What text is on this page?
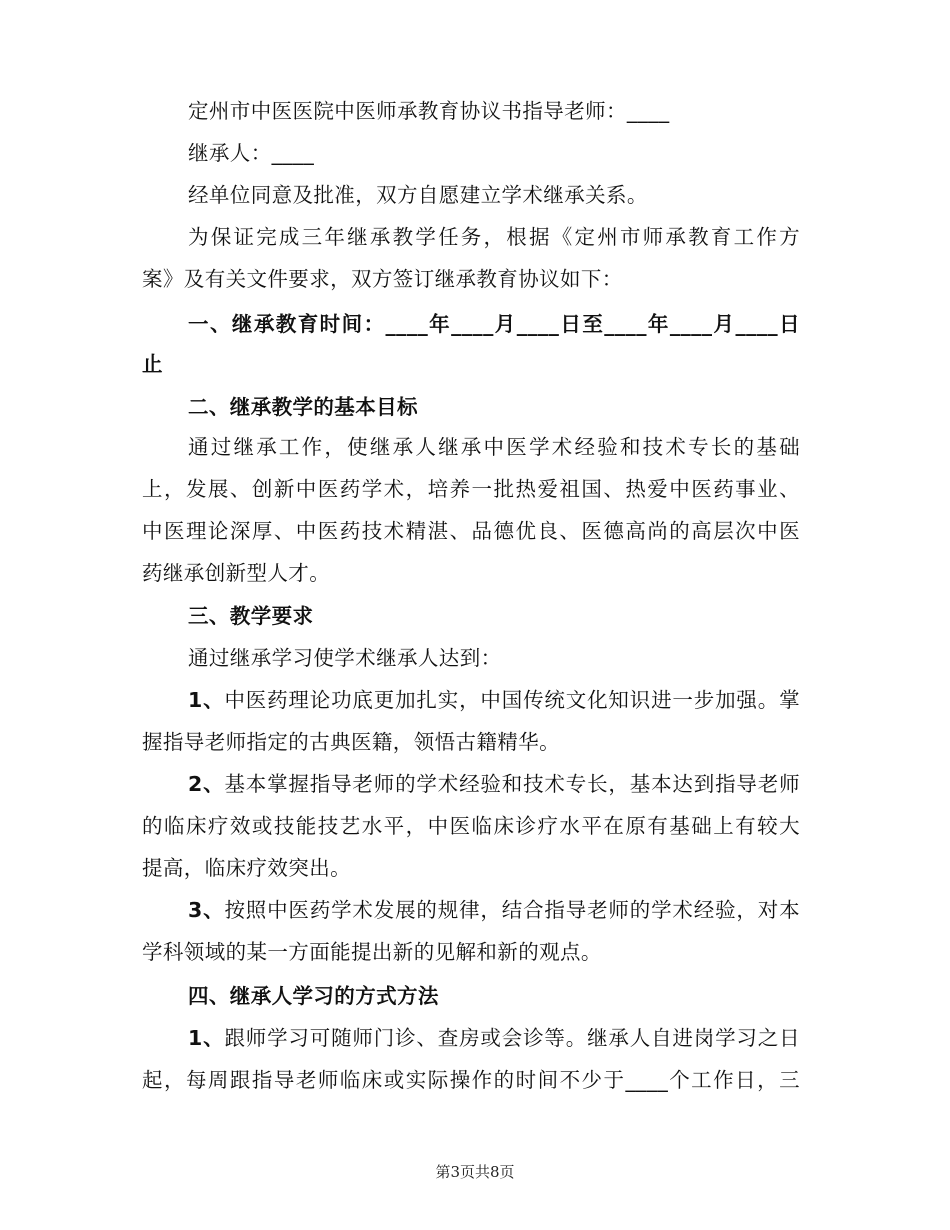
定州市中医医院中医师承教育协议书指导老师：____
继承人：____
经单位同意及批准，双方自愿建立学术继承关系。
为保证完成三年继承教学任务，根据《定州市师承教育工作方
案》及有关文件要求，双方签订继承教育协议如下：
一、继承教育时间：____年____月____日至____年____月____日
止
二、继承教学的基本目标
通过继承工作，使继承人继承中医学术经验和技术专长的基础
上，发展、创新中医药学术，培养一批热爱祖国、热爱中医药事业、
中医理论深厚、中医药技术精湛、品德优良、医德高尚的高层次中医
药继承创新型人才。
三、教学要求
通过继承学习使学术继承人达到：
1、中医药理论功底更加扎实，中国传统文化知识进一步加强。掌
握指导老师指定的古典医籍，领悟古籍精华。
2、基本掌握指导老师的学术经验和技术专长，基本达到指导老师
的临床疗效或技能技艺水平，中医临床诊疗水平在原有基础上有较大
提高，临床疗效突出。
3、按照中医药学术发展的规律，结合指导老师的学术经验，对本
学科领域的某一方面能提出新的见解和新的观点。
四、继承人学习的方式方法
1、跟师学习可随师门诊、查房或会诊等。继承人自进岗学习之日
起，每周跟指导老师临床或实际操作的时间不少于____个工作日，三
第3页共8页
